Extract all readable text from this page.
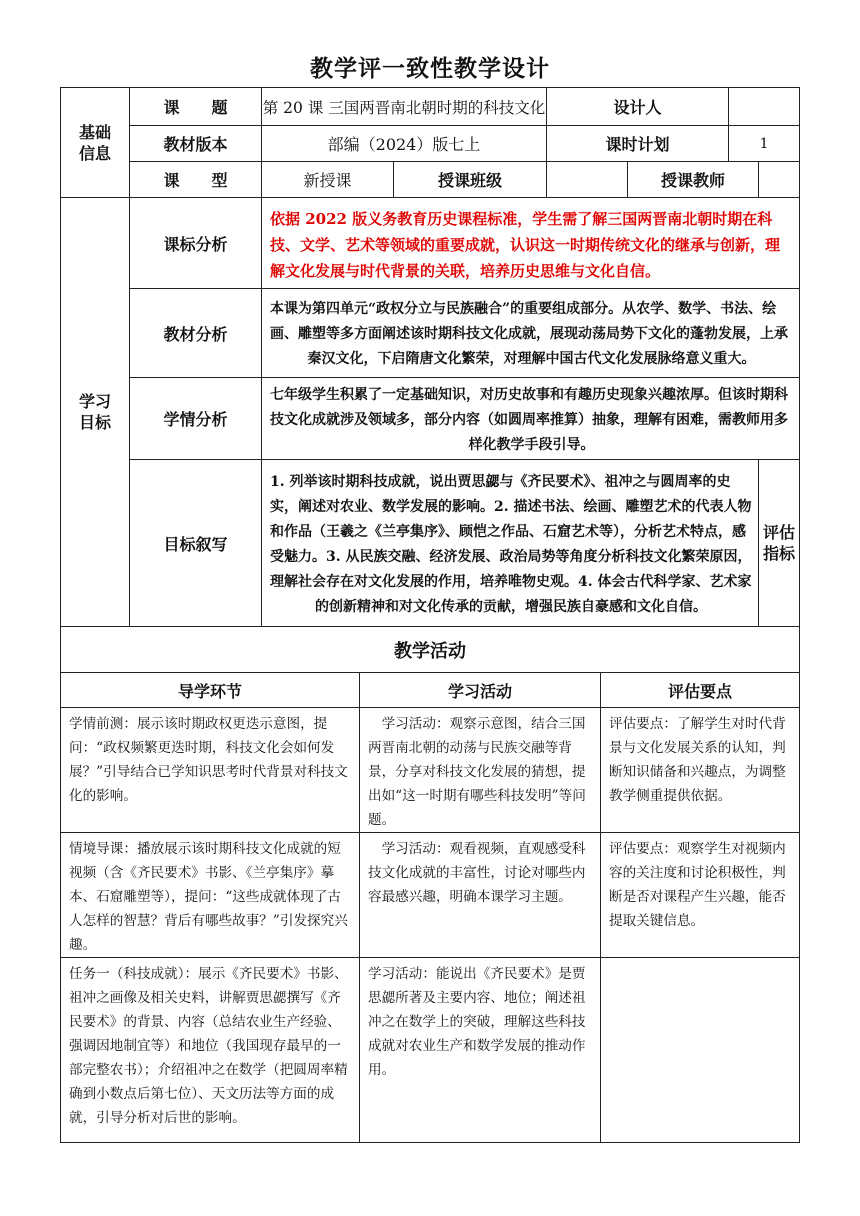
教学评一致性教学设计
基础信息	课　　题	第 20 课 三国两晋南北朝时期的科技文化		设计人			
	教材版本	部编（2024）版七上		课时计划		1	
	课　　型	新授课	授课班级		授课教师		
学习目标	课标分析	依据 2022 版义务教育历史课程标准，学生需了解三国两晋南北朝时期在科技、文学、艺术等领域的重要成就，认识这一时期传统文化的继承与创新，理解文化发展与时代背景的关联，培养历史思维与文化自信。					
	教材分析	本课为第四单元“政权分立与民族融合”的重要组成部分。从农学、数学、书法、绘画、雕塑等多方面阐述该时期科技文化成就，展现动荡局势下文化的蓬勃发展，上承秦汉文化，下启隋唐文化繁荣，对理解中国古代文化发展脉络意义重大。					
	学情分析	七年级学生积累了一定基础知识，对历史故事和有趣历史现象兴趣浓厚。但该时期科技文化成就涉及领域多，部分内容（如圆周率推算）抽象，理解有困难，需教师用多样化教学手段引导。					
	目标叙写	1. 列举该时期科技成就，说出贾思勰与《齐民要术》、祖冲之与圆周率的史实，阐述对农业、数学发展的影响。2. 描述书法、绘画、雕塑艺术的代表人物和作品（王羲之《兰亭集序》、顾恺之作品、石窟艺术等），分析艺术特点，感受魅力。3. 从民族交融、经济发展、政治局势等角度分析科技文化繁荣原因，理解社会存在对文化发展的作用，培养唯物史观。4. 体会古代科学家、艺术家的创新精神和对文化传承的贡献，增强民族自豪感和文化自信。					评估指标
教学活动		
导学环节	学习活动	评估要点
学情前测：展示该时期政权更迭示意图，提问：“政权频繁更迭时期，科技文化会如何发展？”引导结合已学知识思考时代背景对科技文化的影响。	　学习活动：观察示意图，结合三国两晋南北朝的动荡与民族交融等背景，分享对科技文化发展的猜想，提出如“这一时期有哪些科技发明”等问题。	评估要点：了解学生对时代背景与文化发展关系的认知，判断知识储备和兴趣点，为调整教学侧重提供依据。
情境导课：播放展示该时期科技文化成就的短视频（含《齐民要术》书影、《兰亭集序》摹本、石窟雕塑等），提问：“这些成就体现了古人怎样的智慧？背后有哪些故事？”引发探究兴趣。	　学习活动：观看视频，直观感受科技文化成就的丰富性，讨论对哪些内容最感兴趣，明确本课学习主题。	评估要点：观察学生对视频内容的关注度和讨论积极性，判断是否对课程产生兴趣，能否提取关键信息。
任务一（科技成就）：展示《齐民要术》书影、祖冲之画像及相关史料，讲解贾思勰撰写《齐民要术》的背景、内容（总结农业生产经验、强调因地制宜等）和地位（我国现存最早的一部完整农书）；介绍祖冲之在数学（把圆周率精确到小数点后第七位）、天文历法等方面的成就，引导分析对后世的影响。	学习活动：能说出《齐民要术》是贾思勰所著及主要内容、地位；阐述祖冲之在数学上的突破，理解这些科技成就对农业生产和数学发展的推动作用。	
